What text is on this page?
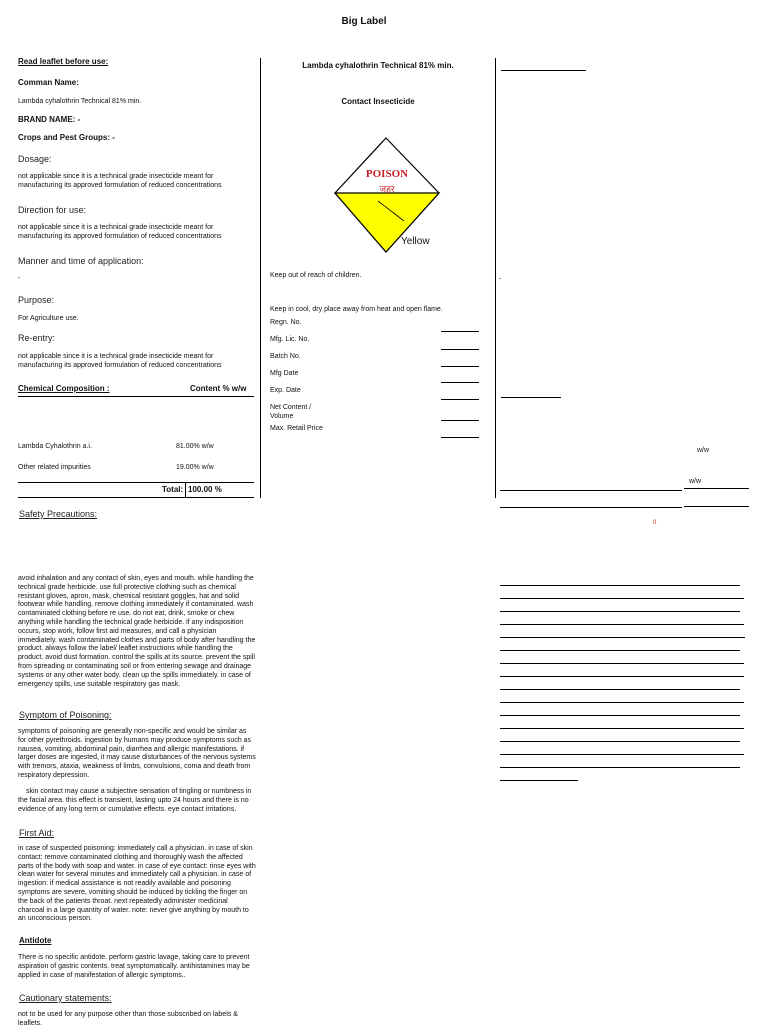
Big Label
Read leaflet before use:
Comman Name:
Lambda cyhalothrin Technical 81% min.
BRAND NAME: -
Crops and Pest Groups: -
Dosage:
not applicable since it is a technical grade insecticide meant for manufacturing its approved formulation of reduced concentrations
Direction for use:
not applicable since it is a technical grade insecticide meant for manufacturing its approved formulation of reduced concentrations
Manner and time of application:
-
Purpose:
For Agriculture use.
Re-entry:
not applicable since it is a technical grade insecticide meant for manufacturing its approved formulation of reduced concentrations
Chemical Composition :	Content % w/w
Lambda Cyhalothrin a.i.	81.00% w/w
Other related impurities	19.00% w/w
Total: 100.00 %
Safety Precautions:
avoid inhalation and any contact of skin, eyes and mouth. while handling the technical grade herbicide. use full protective clothing such as chemical resistant gloves, apron, mask, chemical resistant goggles, hat and solid footwear while handling. remove clothing immediately if contaminated. wash contaminated clothing before re use. do not eat, drink, smoke or chew anything while handling the technical grade herbicide. if any indisposition occurs, stop work, follow first aid measures, and call a physician immediately. wash contaminated clothes and parts of body after handling the product. always follow the label/ leaflet instructions while handling the product. avoid dust formation. control the spills at its source. prevent the spill from spreading or contaminating soil or from entering sewage and drainage systems or any other water body. clean up the spills immediately. in case of emergency spills, use suitable respiratory gas mask.
Symptom of Poisoning:
symptoms of poisoning are generally non-specific and would be similar as for other pyrethroids. ingestion by humans may produce symptoms such as nausea, vomiting, abdominal pain, diarrhea and allergic manifestations. if larger doses are ingested, it may cause disturbances of the nervous systems with tremors, ataxia, weakness of limbs, convulsions, coma and death from respiratory depression.
skin contact may cause a subjective sensation of tingling or numbness in the facial area. this effect is transient, lasting upto 24 hours and there is no evidence of any long term or cumulative effects. eye contact irritations.
First Aid:
in case of suspected poisoning: immediately call a physician. in case of skin contact: remove contaminated clothing and thoroughly wash the affected parts of the body with soap and water. in case of eye contact: rinse eyes with clean water for several minutes and immediately call a physician. in case of ingestion: if medical assistance is not readily available and poisoning symptoms are severe, vomiting should be induced by tickling the finger on the back of the patients throat. next repeatedly administer medicinal charcoal in a large quantity of water. note: never give anything by mouth to an unconscious person.
Antidote
There is no specific antidote. perform gastric lavage, taking care to prevent aspiration of gastric contents. treat symptomatically. antihistamines may be applied in case of manifestation of allergic symptoms..
Cautionary statements:
not to be used for any purpose other than those subscribed on labels & leaflets.
Lambda cyhalothrin Technical 81% min.
Contact Insecticide
POISON
जहर
Yellow
Keep out of reach of children.
Keep in cool, dry place away from heat and open flame.
Regn. No.
Mfg. Lic. No.
Batch No.
Mfg Date
Exp. Date
Net Content / Volume
Max. Retail Price
-
w/w
w/w
0
